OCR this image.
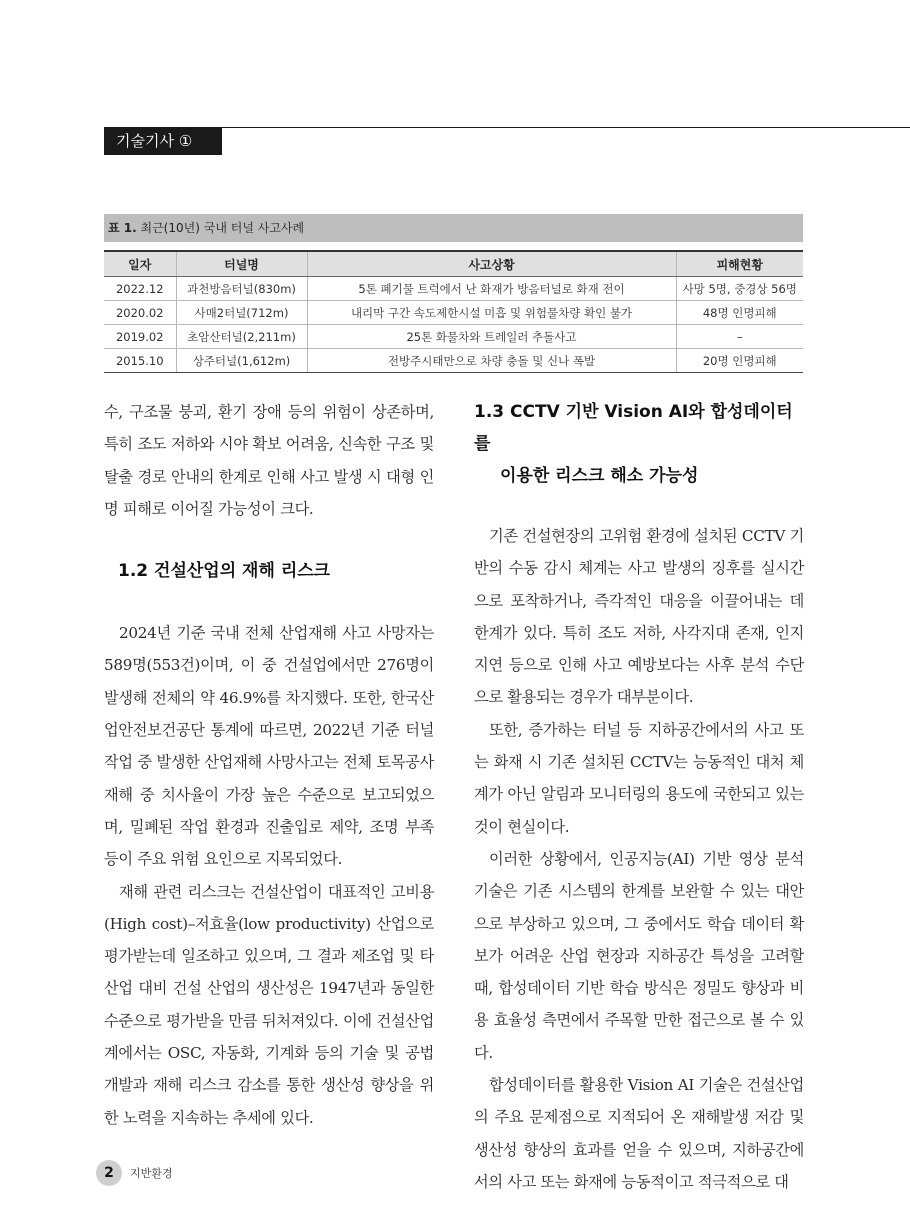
기술기사 ①
표 1. 최근(10년) 국내 터널 사고사례
일자	터널명	사고상황	피해현황
2022.12	과천방음터널(830m)	5톤 폐기물 트럭에서 난 화재가 방음터널로 화재 전이	사망 5명, 중경상 56명
2020.02	사매2터널(712m)	내리막 구간 속도제한시설 미흡 및 위험물차량 확인 불가	48명 인명피해
2019.02	초암산터널(2,211m)	25톤 화물차와 트레일러 추돌사고	–
2015.10	상주터널(1,612m)	전방주시태만으로 차량 충돌 및 신나 폭발	20명 인명피해

수, 구조물 붕괴, 환기 장애 등의 위험이 상존하며, 특히 조도 저하와 시야 확보 어려움, 신속한 구조 및 탈출 경로 안내의 한계로 인해 사고 발생 시 대형 인명 피해로 이어질 가능성이 크다.

1.2 건설산업의 재해 리스크

2024년 기준 국내 전체 산업재해 사고 사망자는 589명(553건)이며, 이 중 건설업에서만 276명이 발생해 전체의 약 46.9%를 차지했다. 또한, 한국산업안전보건공단 통계에 따르면, 2022년 기준 터널 작업 중 발생한 산업재해 사망사고는 전체 토목공사 재해 중 치사율이 가장 높은 수준으로 보고되었으며, 밀폐된 작업 환경과 진출입로 제약, 조명 부족 등이 주요 위험 요인으로 지목되었다.

재해 관련 리스크는 건설산업이 대표적인 고비용(High cost)–저효율(low productivity) 산업으로 평가받는데 일조하고 있으며, 그 결과 제조업 및 타 산업 대비 건설 산업의 생산성은 1947년과 동일한 수준으로 평가받을 만큼 뒤처져있다. 이에 건설산업계에서는 OSC, 자동화, 기계화 등의 기술 및 공법 개발과 재해 리스크 감소를 통한 생산성 향상을 위한 노력을 지속하는 추세에 있다.

1.3 CCTV 기반 Vision AI와 합성데이터를
이용한 리스크 해소 가능성

기존 건설현장의 고위험 환경에 설치된 CCTV 기반의 수동 감시 체계는 사고 발생의 징후를 실시간으로 포착하거나, 즉각적인 대응을 이끌어내는 데 한계가 있다. 특히 조도 저하, 사각지대 존재, 인지 지연 등으로 인해 사고 예방보다는 사후 분석 수단으로 활용되는 경우가 대부분이다.

또한, 증가하는 터널 등 지하공간에서의 사고 또는 화재 시 기존 설치된 CCTV는 능동적인 대처 체계가 아닌 알림과 모니터링의 용도에 국한되고 있는 것이 현실이다.

이러한 상황에서, 인공지능(AI) 기반 영상 분석 기술은 기존 시스템의 한계를 보완할 수 있는 대안으로 부상하고 있으며, 그 중에서도 학습 데이터 확보가 어려운 산업 현장과 지하공간 특성을 고려할 때, 합성데이터 기반 학습 방식은 정밀도 향상과 비용 효율성 측면에서 주목할 만한 접근으로 볼 수 있다.

합성데이터를 활용한 Vision AI 기술은 건설산업의 주요 문제점으로 지적되어 온 재해발생 저감 및 생산성 향상의 효과를 얻을 수 있으며, 지하공간에서의 사고 또는 화재에 능동적이고 적극적으로 대

2	지반환경
